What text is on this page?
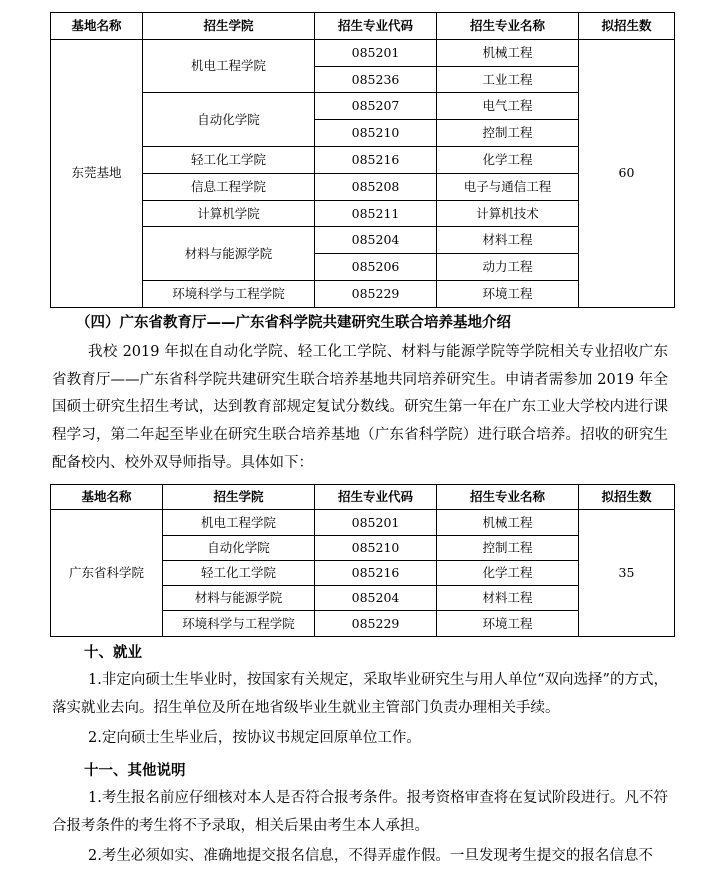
基地名称	招生学院	招生专业代码	招生专业名称	拟招生数
东莞基地	机电工程学院	085201	机械工程	60
		085236	工业工程	
	自动化学院	085207	电气工程	
		085210	控制工程	
	轻工化工学院	085216	化学工程	
	信息工程学院	085208	电子与通信工程	
	计算机学院	085211	计算机技术	
	材料与能源学院	085204	材料工程	
		085206	动力工程	
	环境科学与工程学院	085229	环境工程	
（四）广东省教育厅——广东省科学院共建研究生联合培养基地介绍
我校 2019 年拟在自动化学院、轻工化工学院、材料与能源学院等学院相关专业招收广东省教育厅——广东省科学院共建研究生联合培养基地共同培养研究生。申请者需参加 2019 年全国硕士研究生招生考试，达到教育部规定复试分数线。研究生第一年在广东工业大学校内进行课程学习，第二年起至毕业在研究生联合培养基地（广东省科学院）进行联合培养。招收的研究生配备校内、校外双导师指导。具体如下：
基地名称	招生学院	招生专业代码	招生专业名称	拟招生数
广东省科学院	机电工程学院	085201	机械工程	35
	自动化学院	085210	控制工程	
	轻工化工学院	085216	化学工程	
	材料与能源学院	085204	材料工程	
	环境科学与工程学院	085229	环境工程	
十、就业
1.非定向硕士生毕业时，按国家有关规定，采取毕业研究生与用人单位“双向选择”的方式，落实就业去向。招生单位及所在地省级毕业生就业主管部门负责办理相关手续。
2.定向硕士生毕业后，按协议书规定回原单位工作。
十一、其他说明
1.考生报名前应仔细核对本人是否符合报考条件。报考资格审查将在复试阶段进行。凡不符合报考条件的考生将不予录取，相关后果由考生本人承担。
2.考生必须如实、准确地提交报名信息，不得弄虚作假。一旦发现考生提交的报名信息不
